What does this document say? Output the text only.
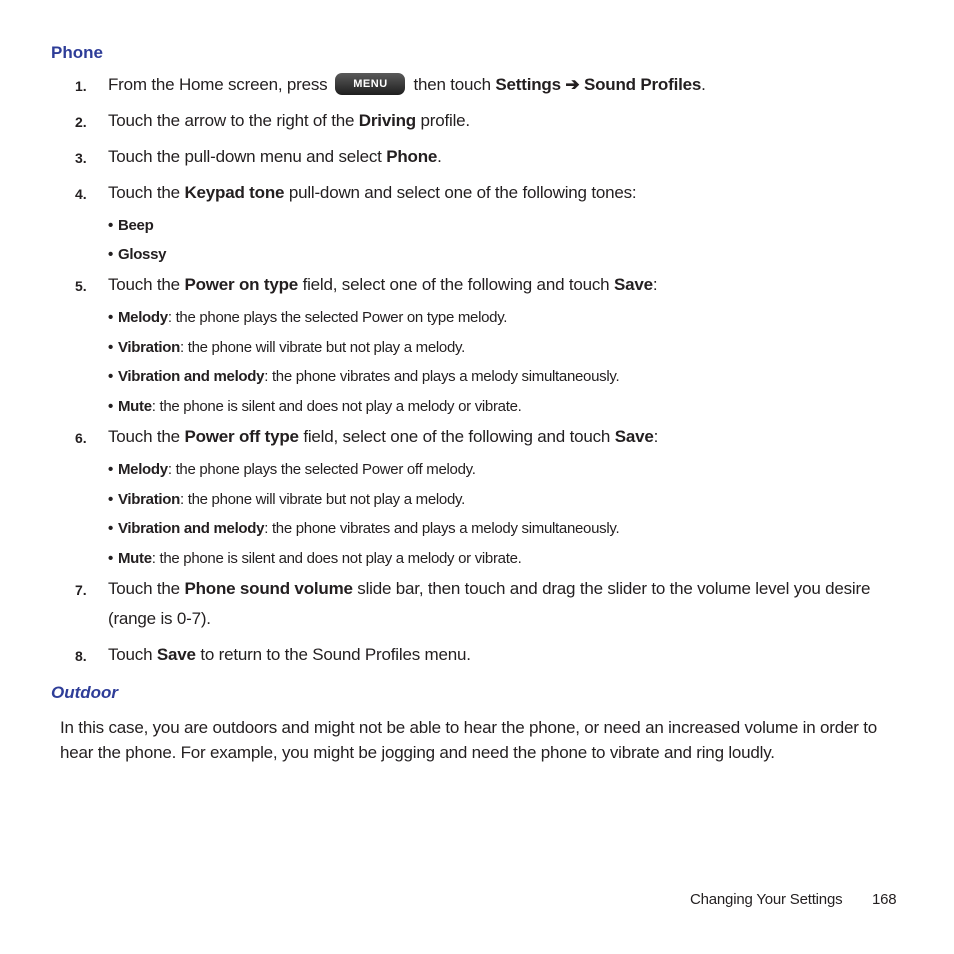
Phone
1. From the Home screen, press MENU then touch Settings ➔ Sound Profiles.
2. Touch the arrow to the right of the Driving profile.
3. Touch the pull-down menu and select Phone.
4. Touch the Keypad tone pull-down and select one of the following tones:
• Beep
• Glossy
5. Touch the Power on type field, select one of the following and touch Save:
• Melody: the phone plays the selected Power on type melody.
• Vibration: the phone will vibrate but not play a melody.
• Vibration and melody: the phone vibrates and plays a melody simultaneously.
• Mute: the phone is silent and does not play a melody or vibrate.
6. Touch the Power off type field, select one of the following and touch Save:
• Melody: the phone plays the selected Power off melody.
• Vibration: the phone will vibrate but not play a melody.
• Vibration and melody: the phone vibrates and plays a melody simultaneously.
• Mute: the phone is silent and does not play a melody or vibrate.
7. Touch the Phone sound volume slide bar, then touch and drag the slider to the volume level you desire
(range is 0-7).
8. Touch Save to return to the Sound Profiles menu.
Outdoor
In this case, you are outdoors and might not be able to hear the phone, or need an increased volume in order to
hear the phone. For example, you might be jogging and need the phone to vibrate and ring loudly.
Changing Your Settings 168
